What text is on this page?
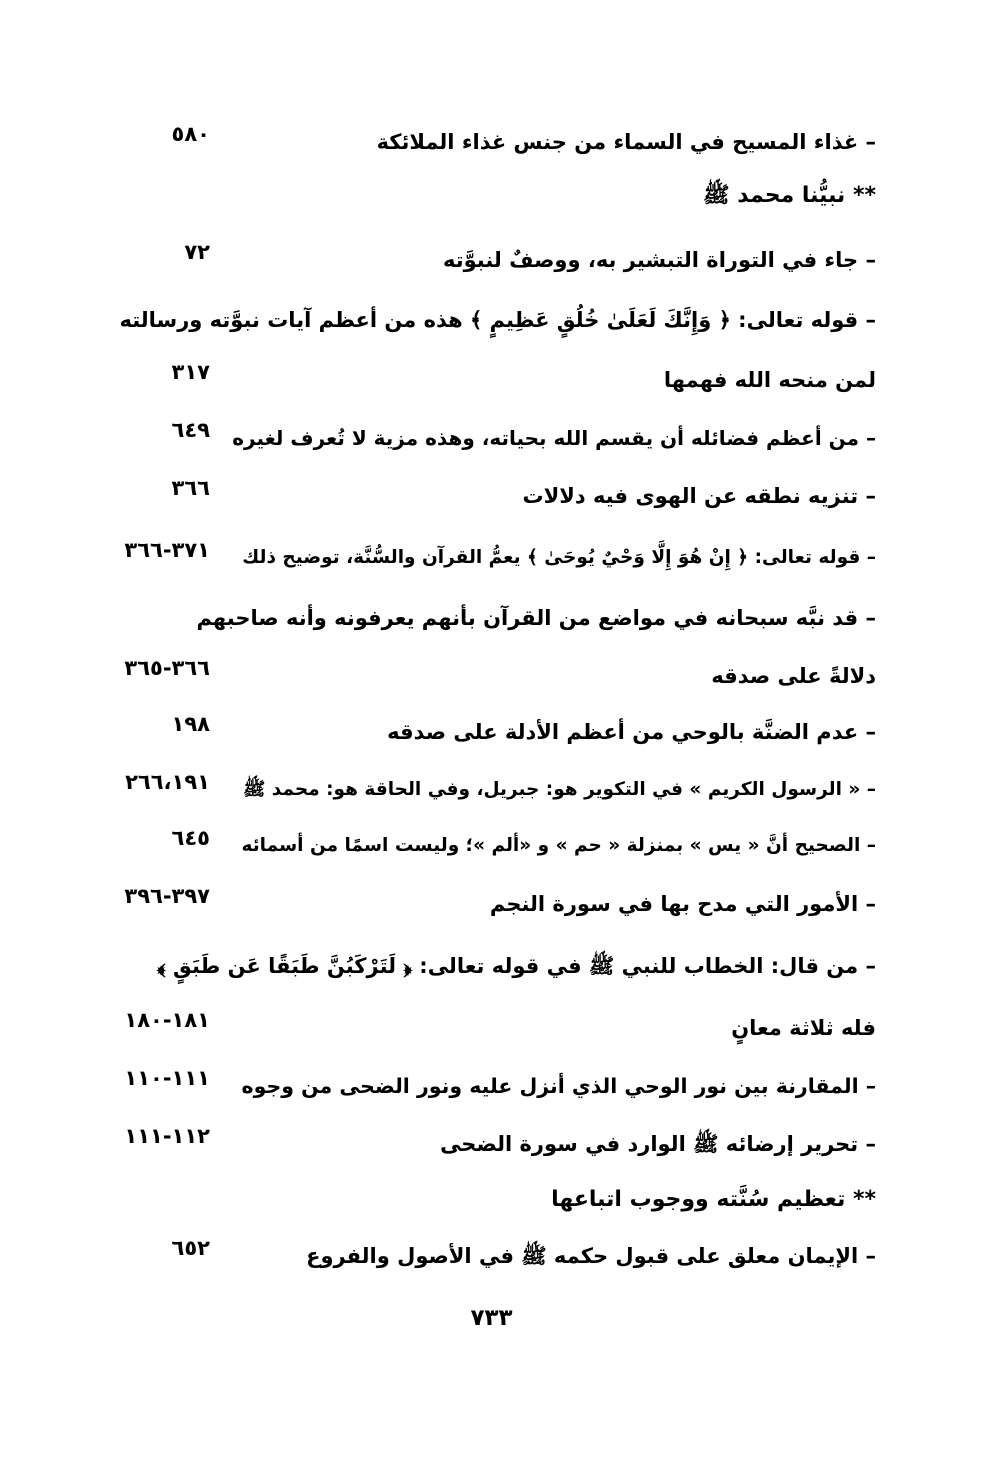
– غذاء المسيح في السماء من جنس غذاء الملائكة
٥٨٠
** نبيُّنا محمد ﷺ
– جاء في التوراة التبشير به، ووصفٌ لنبوَّته
٧٢
– قوله تعالى: ﴿ وَإِنَّكَ لَعَلَىٰ خُلُقٍ عَظِيمٍ ﴾ هذه من أعظم آيات نبوَّته ورسالته
لمن منحه الله فهمها
٣١٧
– من أعظم فضائله أن يقسم الله بحياته، وهذه مزية لا تُعرف لغيره
٦٤٩
– تنزيه نطقه عن الهوى فيه دلالات
٣٦٦
– قوله تعالى: ﴿ إِنْ هُوَ إِلَّا وَحْيٌ يُوحَىٰ ﴾ يعمُّ القرآن والسُّنَّة، توضيح ذلك
٣٧١-٣٦٦
– قد نبَّه سبحانه في مواضع من القرآن بأنهم يعرفونه وأنه صاحبهم
دلالةً على صدقه
٣٦٦-٣٦٥
– عدم الضنَّة بالوحي من أعظم الأدلة على صدقه
١٩٨
– « الرسول الكريم » في التكوير هو: جبريل، وفي الحاقة هو: محمد ﷺ
٢٦٦،١٩١
– الصحيح أنَّ « يس » بمنزلة « حم » و «ألم »؛ وليست اسمًا من أسمائه
٦٤٥
– الأمور التي مدح بها في سورة النجم
٣٩٧-٣٩٦
– من قال: الخطاب للنبي ﷺ في قوله تعالى: ﴿ لَتَرْكَبُنَّ طَبَقًا عَن طَبَقٍ ﴾
فله ثلاثة معانٍ
١٨١-١٨٠
– المقارنة بين نور الوحي الذي أنزل عليه ونور الضحى من وجوه
١١١-١١٠
– تحرير إرضائه ﷺ الوارد في سورة الضحى
١١٢-١١١
** تعظيم سُنَّته ووجوب اتباعها
– الإيمان معلق على قبول حكمه ﷺ في الأصول والفروع
٦٥٢
٧٣٣
